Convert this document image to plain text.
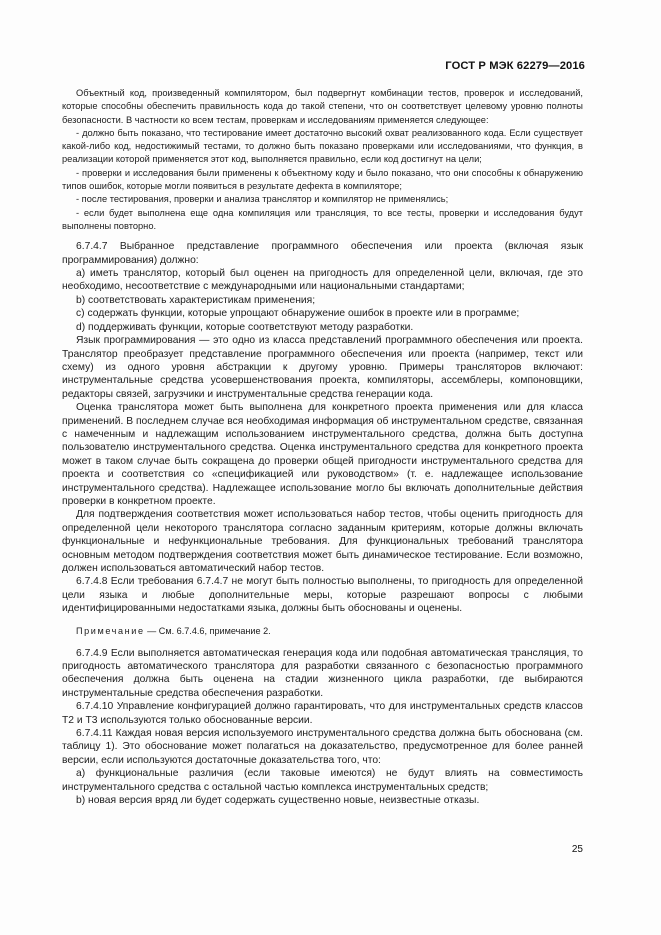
ГОСТ Р МЭК 62279—2016

Объектный код, произведенный компилятором, был подвергнут комбинации тестов, проверок и исследований, которые способны обеспечить правильность кода до такой степени, что он соответствует целевому уровню полноты безопасности. В частности ко всем тестам, проверкам и исследованиям применяется следующее:

- должно быть показано, что тестирование имеет достаточно высокий охват реализованного кода. Если существует какой-либо код, недостижимый тестами, то должно быть показано проверками или исследованиями, что функция, в реализации которой применяется этот код, выполняется правильно, если код достигнут на цели;

- проверки и исследования были применены к объектному коду и было показано, что они способны к обнаружению типов ошибок, которые могли появиться в результате дефекта в компиляторе;

- после тестирования, проверки и анализа транслятор и компилятор не применялись;

- если будет выполнена еще одна компиляция или трансляция, то все тесты, проверки и исследования будут выполнены повторно.

6.7.4.7 Выбранное представление программного обеспечения или проекта (включая язык программирования) должно:

a) иметь транслятор, который был оценен на пригодность для определенной цели, включая, где это необходимо, несоответствие с международными или национальными стандартами;

b) соответствовать характеристикам применения;

c) содержать функции, которые упрощают обнаружение ошибок в проекте или в программе;

d) поддерживать функции, которые соответствуют методу разработки.

Язык программирования — это одно из класса представлений программного обеспечения или проекта. Транслятор преобразует представление программного обеспечения или проекта (например, текст или схему) из одного уровня абстракции к другому уровню. Примеры трансляторов включают: инструментальные средства усовершенствования проекта, компиляторы, ассемблеры, компоновщики, редакторы связей, загрузчики и инструментальные средства генерации кода.

Оценка транслятора может быть выполнена для конкретного проекта применения или для класса применений. В последнем случае вся необходимая информация об инструментальном средстве, связанная с намеченным и надлежащим использованием инструментального средства, должна быть доступна пользователю инструментального средства. Оценка инструментального средства для конкретного проекта может в таком случае быть сокращена до проверки общей пригодности инструментального средства для проекта и соответствия со «спецификацией или руководством» (т. е. надлежащее использование инструментального средства). Надлежащее использование могло бы включать дополнительные действия проверки в конкретном проекте.

Для подтверждения соответствия может использоваться набор тестов, чтобы оценить пригодность для определенной цели некоторого транслятора согласно заданным критериям, которые должны включать функциональные и нефункциональные требования. Для функциональных требований транслятора основным методом подтверждения соответствия может быть динамическое тестирование. Если возможно, должен использоваться автоматический набор тестов.

6.7.4.8 Если требования 6.7.4.7 не могут быть полностью выполнены, то пригодность для определенной цели языка и любые дополнительные меры, которые разрешают вопросы с любыми идентифицированными недостатками языка, должны быть обоснованы и оценены.

Примечание — См. 6.7.4.6, примечание 2.

6.7.4.9 Если выполняется автоматическая генерация кода или подобная автоматическая трансляция, то пригодность автоматического транслятора для разработки связанного с безопасностью программного обеспечения должна быть оценена на стадии жизненного цикла разработки, где выбираются инструментальные средства обеспечения разработки.

6.7.4.10 Управление конфигурацией должно гарантировать, что для инструментальных средств классов T2 и T3 используются только обоснованные версии.

6.7.4.11 Каждая новая версия используемого инструментального средства должна быть обоснована (см. таблицу 1). Это обоснование может полагаться на доказательство, предусмотренное для более ранней версии, если используются достаточные доказательства того, что:

a) функциональные различия (если таковые имеются) не будут влиять на совместимость инструментального средства с остальной частью комплекса инструментальных средств;

b) новая версия вряд ли будет содержать существенно новые, неизвестные отказы.

25
